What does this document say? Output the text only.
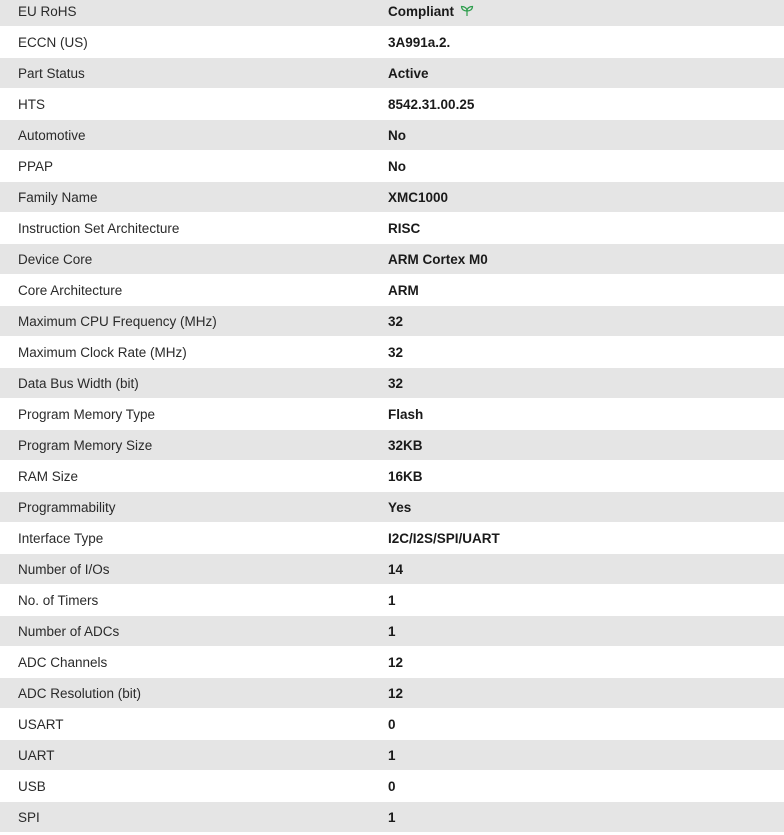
EU RoHS	Compliant
ECCN (US)	3A991a.2.
Part Status	Active
HTS	8542.31.00.25
Automotive	No
PPAP	No
Family Name	XMC1000
Instruction Set Architecture	RISC
Device Core	ARM Cortex M0
Core Architecture	ARM
Maximum CPU Frequency (MHz)	32
Maximum Clock Rate (MHz)	32
Data Bus Width (bit)	32
Program Memory Type	Flash
Program Memory Size	32KB
RAM Size	16KB
Programmability	Yes
Interface Type	I2C/I2S/SPI/UART
Number of I/Os	14
No. of Timers	1
Number of ADCs	1
ADC Channels	12
ADC Resolution (bit)	12
USART	0
UART	1
USB	0
SPI	1
